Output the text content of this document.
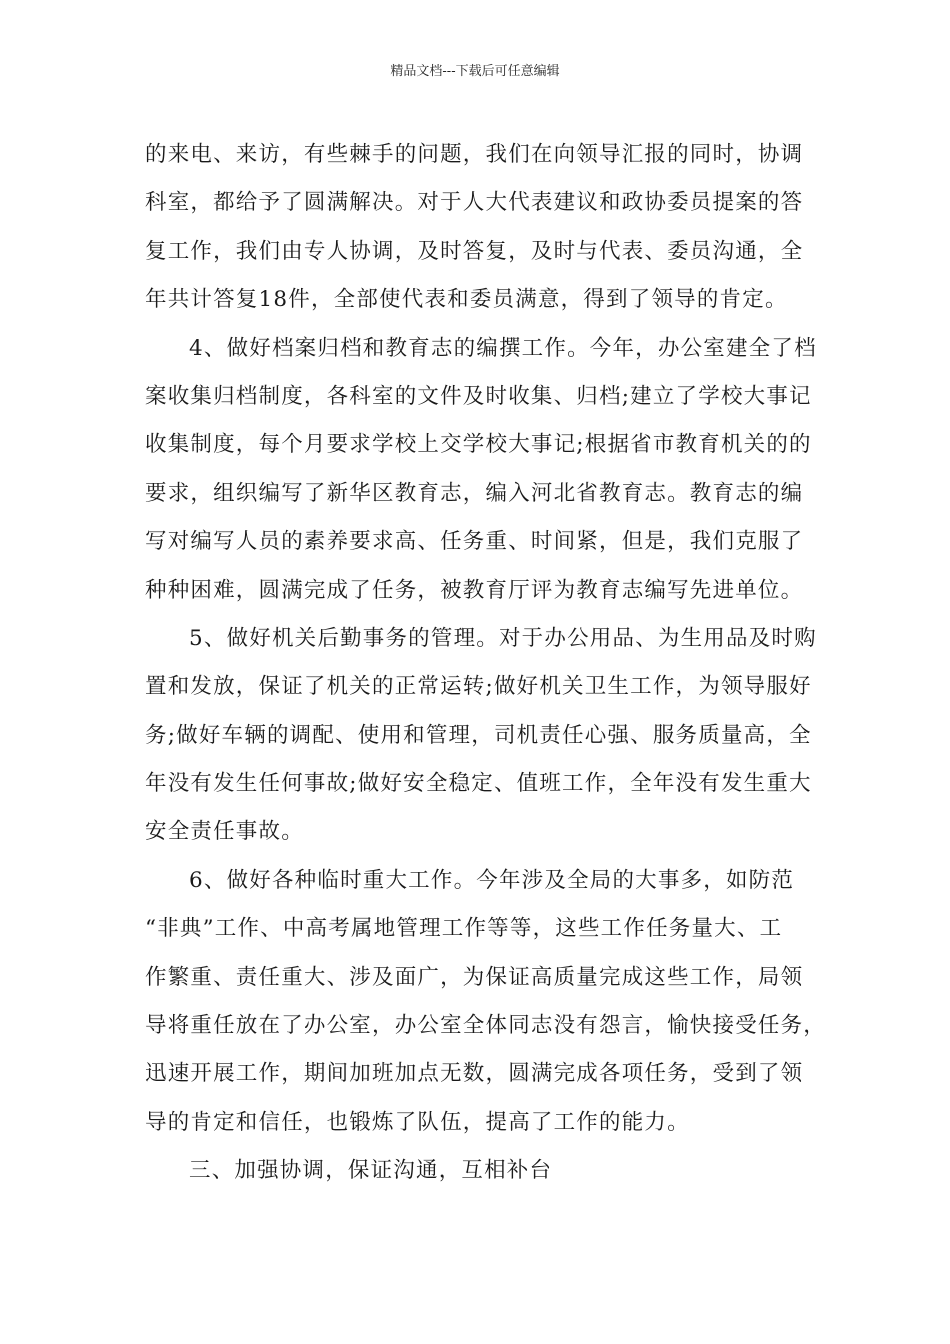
精品文档---下载后可任意编辑
的来电、来访，有些棘手的问题，我们在向领导汇报的同时，协调
科室，都给予了圆满解决。对于人大代表建议和政协委员提案的答
复工作，我们由专人协调，及时答复，及时与代表、委员沟通，全
年共计答复18件，全部使代表和委员满意，得到了领导的肯定。
4、做好档案归档和教育志的编撰工作。今年，办公室建全了档
案收集归档制度，各科室的文件及时收集、归档;建立了学校大事记
收集制度，每个月要求学校上交学校大事记;根据省市教育机关的的
要求，组织编写了新华区教育志，编入河北省教育志。教育志的编
写对编写人员的素养要求高、任务重、时间紧，但是，我们克服了
种种困难，圆满完成了任务，被教育厅评为教育志编写先进单位。
5、做好机关后勤事务的管理。对于办公用品、为生用品及时购
置和发放，保证了机关的正常运转;做好机关卫生工作，为领导服好
务;做好车辆的调配、使用和管理，司机责任心强、服务质量高，全
年没有发生任何事故;做好安全稳定、值班工作，全年没有发生重大
安全责任事故。
6、做好各种临时重大工作。今年涉及全局的大事多，如防范
“非典”工作、中高考属地管理工作等等，这些工作任务量大、工
作繁重、责任重大、涉及面广，为保证高质量完成这些工作，局领
导将重任放在了办公室，办公室全体同志没有怨言，愉快接受任务，
迅速开展工作，期间加班加点无数，圆满完成各项任务，受到了领
导的肯定和信任，也锻炼了队伍，提高了工作的能力。
三、加强协调，保证沟通，互相补台
